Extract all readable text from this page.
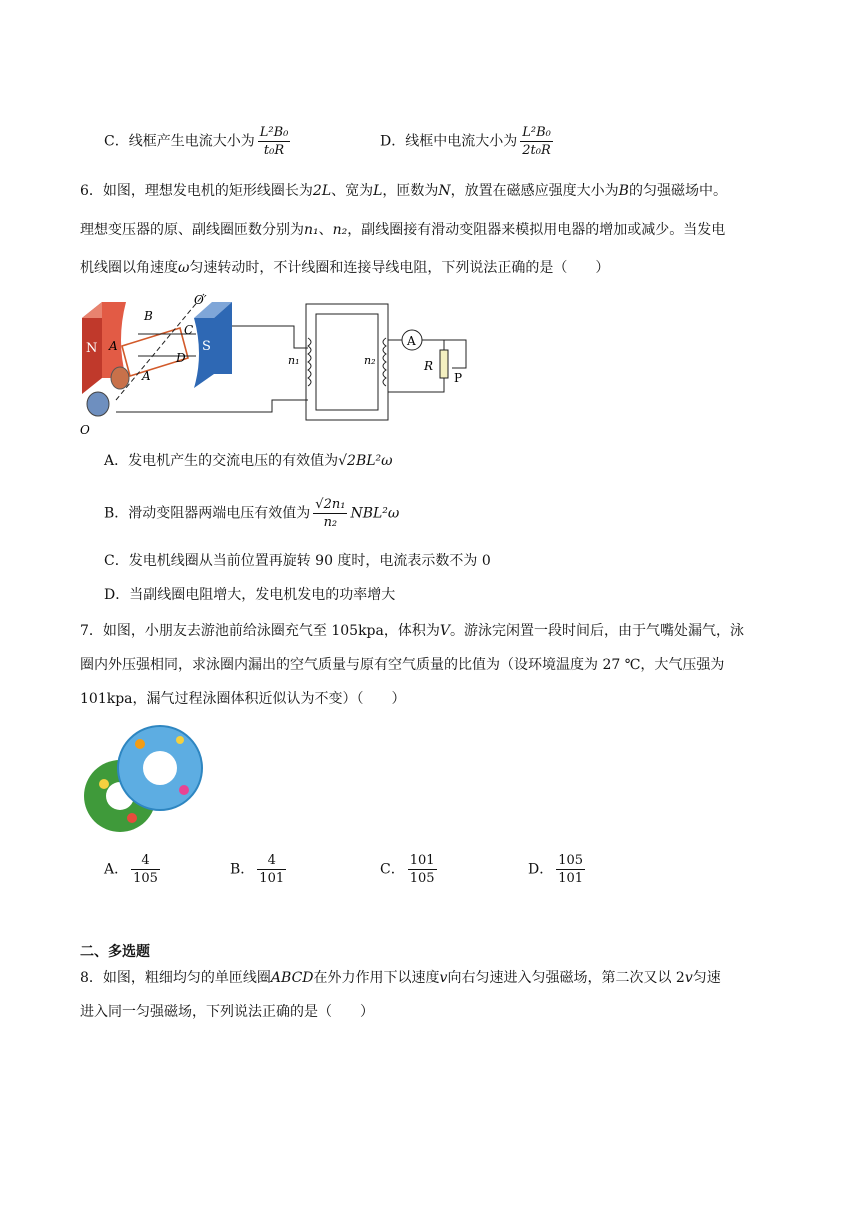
C．线框产生电流大小为 $\frac{\text{L²B₀}}{\text{t₀R}}$	D．线框中电流大小为 $\frac{\text{L²B₀}}{\text{2t₀R}}$
6．如图，理想发电机的矩形线圈长为2L、宽为L，匝数为N，放置在磁感应强度大小为B的匀强磁场中。
理想变压器的原、副线圈匝数分别为n₁、n₂，副线圈接有滑动变阻器来模拟用电器的增加或减少。当发电
机线圈以角速度ω匀速转动时，不计线圈和连接导线电阻，下列说法正确的是（　　）
N	S
B
C
A
D
A
O′
O
n₁	n₂
A
R
P
A．发电机产生的交流电压的有效值为√2BL²ω
B．滑动变阻器两端电压有效值为 $\frac{\text{√2n₁}}{\text{n₂}} NBL^2\omega$
C．发电机线圈从当前位置再旋转 90 度时，电流表示数不为 0
D．当副线圈电阻增大，发电机发电的功率增大
7．如图，小朋友去游池前给泳圈充气至 105kpa，体积为V。游泳完闲置一段时间后，由于气嘴处漏气，泳
圈内外压强相同，求泳圈内漏出的空气质量与原有空气质量的比值为（设环境温度为 27 ℃，大气压强为
101kpa，漏气过程泳圈体积近似认为不变）（　　）
A． $\frac{4}{105}$	B． $\frac{4}{101}$	C． $\frac{101}{105}$	D． $\frac{105}{101}$
二、多选题
8．如图，粗细均匀的单匝线圈ABCD在外力作用下以速度v向右匀速进入匀强磁场，第二次又以 2v匀速
进入同一匀强磁场，下列说法正确的是（　　）
